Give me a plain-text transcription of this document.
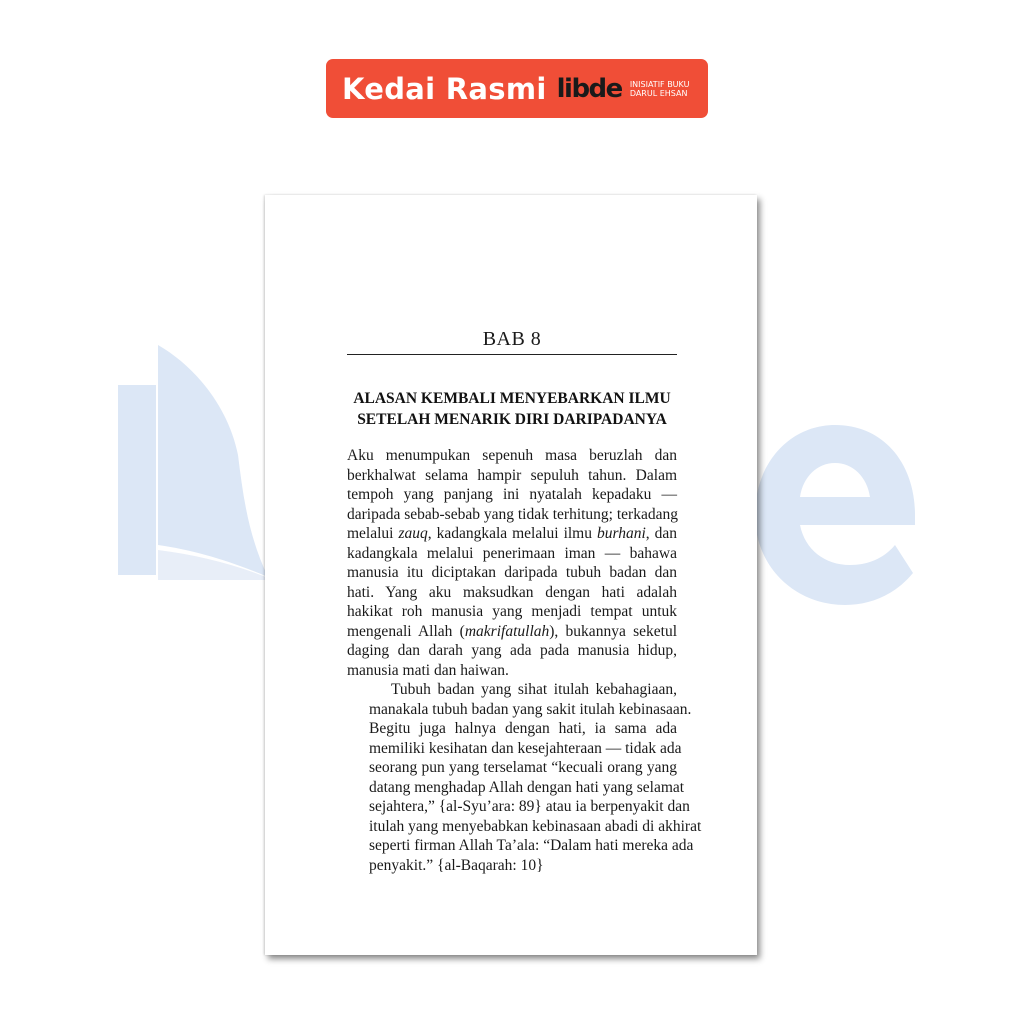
Kedai Rasmi libde INISIATIF BUKU
DARUL EHSAN
BAB 8
ALASAN KEMBALI MENYEBARKAN ILMU
SETELAH MENARIK DIRI DARIPADANYA
Aku menumpukan sepenuh masa beruzlah dan
berkhalwat selama hampir sepuluh tahun. Dalam
tempoh yang panjang ini nyatalah kepadaku —
daripada sebab-sebab yang tidak terhitung; terkadang
melalui zauq, kadangkala melalui ilmu burhani, dan
kadangkala melalui penerimaan iman — bahawa
manusia itu diciptakan daripada tubuh badan dan
hati. Yang aku maksudkan dengan hati adalah
hakikat roh manusia yang menjadi tempat untuk
mengenali Allah (makrifatullah), bukannya seketul
daging dan darah yang ada pada manusia hidup,
manusia mati dan haiwan.
Tubuh badan yang sihat itulah kebahagiaan,
manakala tubuh badan yang sakit itulah kebinasaan.
Begitu juga halnya dengan hati, ia sama ada
memiliki kesihatan dan kesejahteraan — tidak ada
seorang pun yang terselamat “kecuali orang yang
datang menghadap Allah dengan hati yang selamat
sejahtera,” {al-Syu’ara: 89} atau ia berpenyakit dan
itulah yang menyebabkan kebinasaan abadi di akhirat
seperti firman Allah Ta’ala: “Dalam hati mereka ada
penyakit.” {al-Baqarah: 10}
